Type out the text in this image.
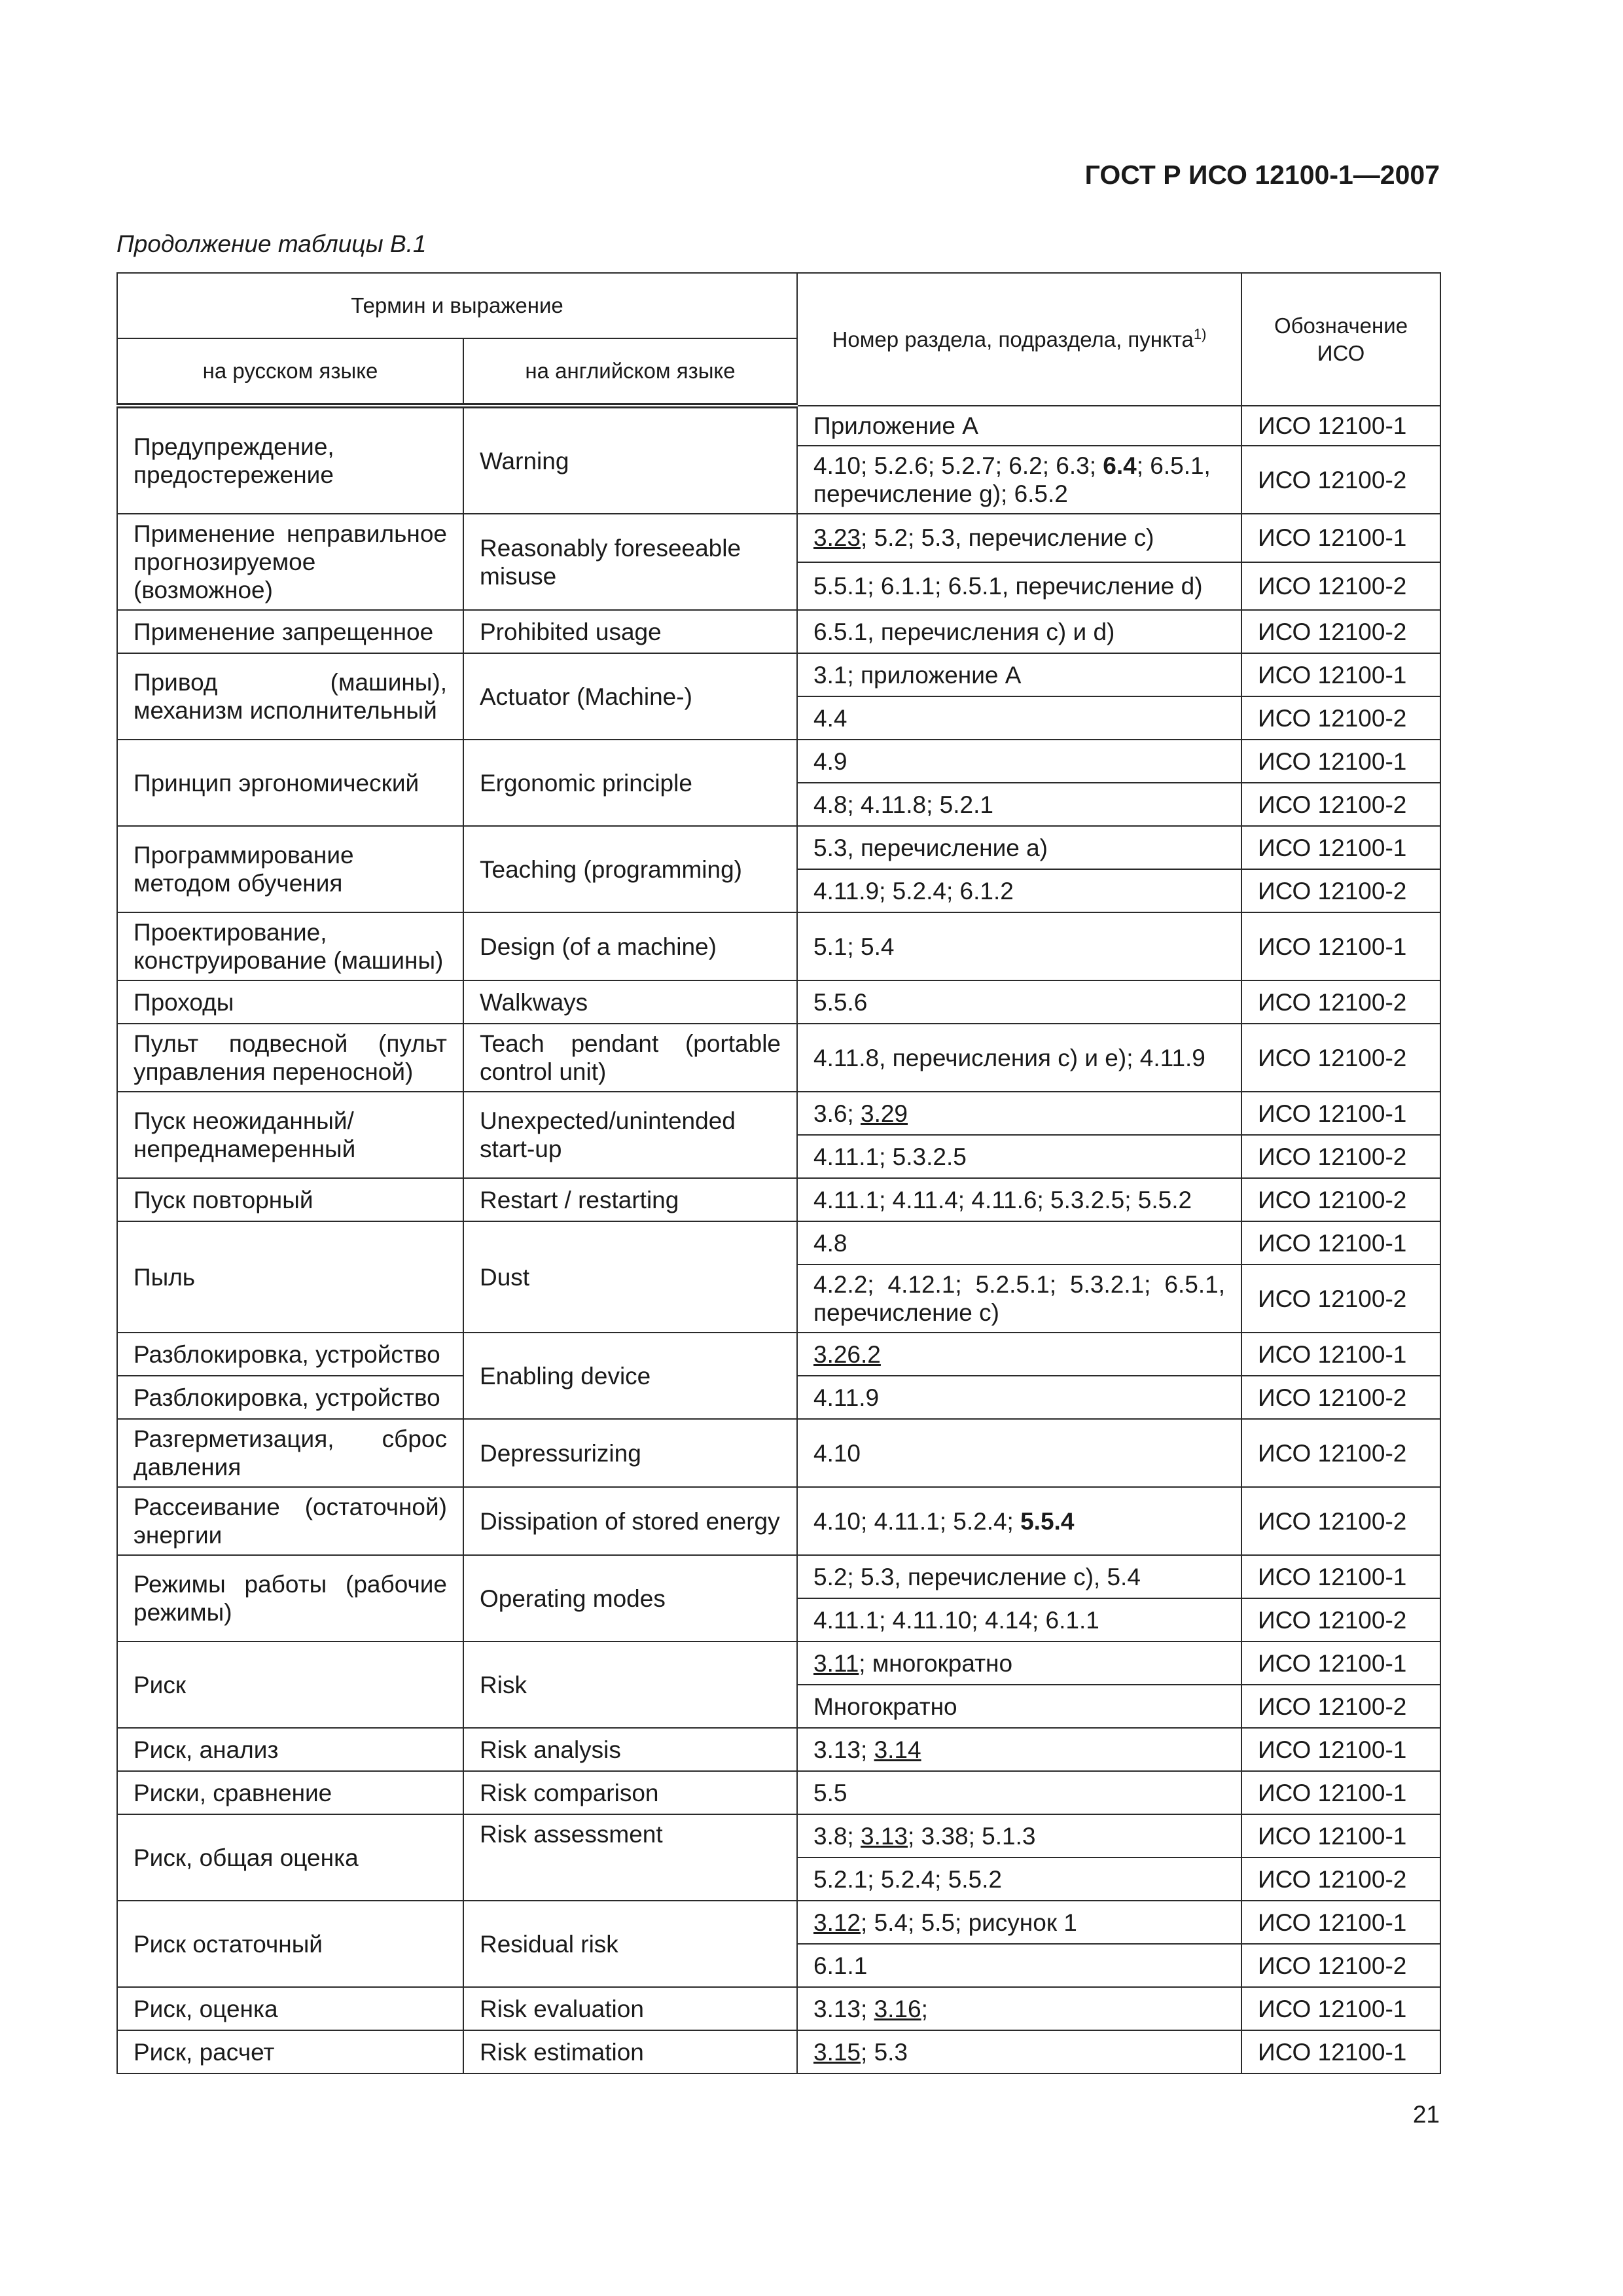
ГОСТ Р ИСО 12100-1—2007

Продолжение таблицы В.1

Термин и выражение		Номер раздела, подраздела, пункта$^{1)}$	Обозначение ИСО
на русском языке	на английском языке		
Предупреждение, предостережение	Warning	Приложение А	ИСО 12100-1
		4.10; 5.2.6; 5.2.7; 6.2; 6.3; 6.4; 6.5.1, перечисление g); 6.5.2	ИСО 12100-2
Применение неправильное прогнозируемое (возможное)	Reasonably foreseeable misuse	3.23; 5.2; 5.3, перечисление с)	ИСО 12100-1
		5.5.1; 6.1.1; 6.5.1, перечисление d)	ИСО 12100-2
Применение запрещенное	Prohibited usage	6.5.1, перечисления с) и d)	ИСО 12100-2
Привод (машины), механизм исполнительный	Actuator (Machine-)	3.1; приложение А	ИСО 12100-1
		4.4	ИСО 12100-2
Принцип эргономический	Ergonomic principle	4.9	ИСО 12100-1
		4.8; 4.11.8; 5.2.1	ИСО 12100-2
Программирование методом обучения	Teaching (programming)	5.3, перечисление а)	ИСО 12100-1
		4.11.9; 5.2.4; 6.1.2	ИСО 12100-2
Проектирование, конструирование (машины)	Design (of a machine)	5.1; 5.4	ИСО 12100-1
Проходы	Walkways	5.5.6	ИСО 12100-2
Пульт подвесной (пульт управления переносной)	Teach pendant (portable control unit)	4.11.8, перечисления с) и е); 4.11.9	ИСО 12100-2
Пуск неожиданный/непреднамеренный	Unexpected/unintended start-up	3.6; 3.29	ИСО 12100-1
		4.11.1; 5.3.2.5	ИСО 12100-2
Пуск повторный	Restart / restarting	4.11.1; 4.11.4; 4.11.6; 5.3.2.5; 5.5.2	ИСО 12100-2
Пыль	Dust	4.8	ИСО 12100-1
		4.2.2; 4.12.1; 5.2.5.1; 5.3.2.1; 6.5.1, перечисление с)	ИСО 12100-2
Разблокировка, устройство	Enabling device	3.26.2	ИСО 12100-1
Разблокировка, устройство		4.11.9	ИСО 12100-2
Разгерметизация, сброс давления	Depressurizing	4.10	ИСО 12100-2
Рассеивание (остаточной) энергии	Dissipation of stored energy	4.10; 4.11.1; 5.2.4; 5.5.4	ИСО 12100-2
Режимы работы (рабочие режимы)	Operating modes	5.2; 5.3, перечисление с), 5.4	ИСО 12100-1
		4.11.1; 4.11.10; 4.14; 6.1.1	ИСО 12100-2
Риск	Risk	3.11; многократно	ИСО 12100-1
		Многократно	ИСО 12100-2
Риск, анализ	Risk analysis	3.13; 3.14	ИСО 12100-1
Риски, сравнение	Risk comparison	5.5	ИСО 12100-1
Риск, общая оценка	Risk assessment	3.8; 3.13; 3.38; 5.1.3	ИСО 12100-1
		5.2.1; 5.2.4; 5.5.2	ИСО 12100-2
Риск остаточный	Residual risk	3.12; 5.4; 5.5; рисунок 1	ИСО 12100-1
		6.1.1	ИСО 12100-2
Риск, оценка	Risk evaluation	3.13; 3.16;	ИСО 12100-1
Риск, расчет	Risk estimation	3.15; 5.3	ИСО 12100-1

21
